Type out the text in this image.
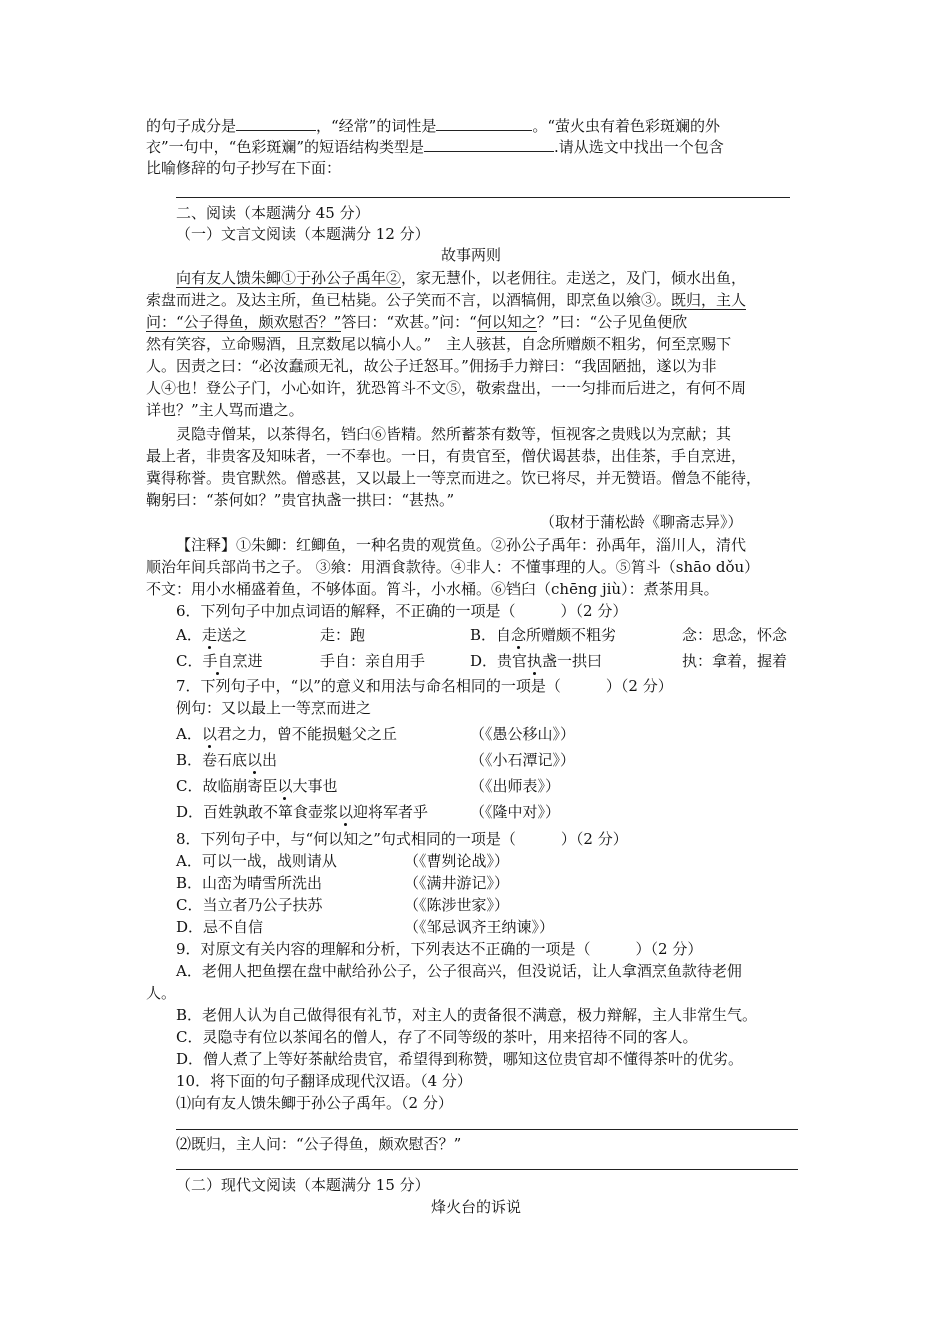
的句子成分是	，“经常”的词性是	。“萤火虫有着色彩斑斓的外
衣”一句中，“色彩斑斓”的短语结构类型是	.请从选文中找出一个包含
比喻修辞的句子抄写在下面：
二、阅读（本题满分 45 分）
（一）文言文阅读（本题满分 12 分）
故事两则
向有友人馈朱鲫①于孙公子禹年②，家无慧仆，以老佣往。走送之，及门，倾水出鱼，
索盘而进之。及达主所，鱼已枯毙。公子笑而不言，以酒犒佣，即烹鱼以飨③。既归，主人
问：“公子得鱼，颇欢慰否？”答曰：“欢甚。”问：“何以知之？”曰：“公子见鱼便欣
然有笑容，立命赐酒，且烹数尾以犒小人。”　主人骇甚，自念所赠颇不粗劣，何至烹赐下
人。因责之曰：“必汝蠢顽无礼，故公子迁怒耳。”佣扬手力辩曰：“我固陋拙，遂以为非
人④也！登公子门，小心如许，犹恐筲斗不文⑤，敬索盘出，一一匀排而后进之，有何不周
详也？”主人骂而遣之。
灵隐寺僧某，以茶得名，铛臼⑥皆精。然所蓄茶有数等，恒视客之贵贱以为烹献；其
最上者，非贵客及知味者，一不奉也。一日，有贵官至，僧伏谒甚恭，出佳茶，手自烹进，
冀得称誉。贵官默然。僧惑甚，又以最上一等烹而进之。饮已将尽，并无赞语。僧急不能待，
鞠躬曰：“茶何如？”贵官执盏一拱曰：“甚热。”
（取材于蒲松龄《聊斋志异》）
【注释】①朱鲫：红鲫鱼，一种名贵的观赏鱼。②孙公子禹年：孙禹年，淄川人，清代
顺治年间兵部尚书之子。 ③飨：用酒食款待。④非人：不懂事理的人。⑤筲斗（shāo dǒu）
不文：用小水桶盛着鱼，不够体面。筲斗，小水桶。⑥铛臼（chēng jiù）：煮茶用具。
6．下列句子中加点词语的解释，不正确的一项是（　　　）（2 分）
A．走送之	走：跑	B．自念所赠颇不粗劣	念：思念，怀念
C．手自烹进	手自：亲自用手	D．贵官执盏一拱曰	执：拿着，握着
7．下列句子中，“以”的意义和用法与命名相同的一项是（　　　）（2 分）
例句：又以最上一等烹而进之
A．以君之力，曾不能损魁父之丘	（《愚公移山》）
B．卷石底以出	（《小石潭记》）
C．故临崩寄臣以大事也	（《出师表》）
D．百姓孰敢不箪食壶浆以迎将军者乎	（《隆中对》）
8．下列句子中，与“何以知之”句式相同的一项是（　　　）（2 分）
A．可以一战，战则请从	（《曹刿论战》）
B．山峦为晴雪所洗出	（《满井游记》）
C．当立者乃公子扶苏	（《陈涉世家》）
D．忌不自信	（《邹忌讽齐王纳谏》）
9．对原文有关内容的理解和分析，下列表达不正确的一项是（　　　）（2 分）
A．老佣人把鱼摆在盘中献给孙公子，公子很高兴，但没说话，让人拿酒烹鱼款待老佣
人。
B．老佣人认为自己做得很有礼节，对主人的责备很不满意，极力辩解，主人非常生气。
C．灵隐寺有位以茶闻名的僧人，存了不同等级的茶叶，用来招待不同的客人。
D．僧人煮了上等好茶献给贵官，希望得到称赞，哪知这位贵官却不懂得茶叶的优劣。
10．将下面的句子翻译成现代汉语。（4 分）
⑴向有友人馈朱鲫于孙公子禹年。（2 分）
⑵既归，主人问：“公子得鱼，颇欢慰否？”
（二）现代文阅读（本题满分 15 分）
烽火台的诉说
